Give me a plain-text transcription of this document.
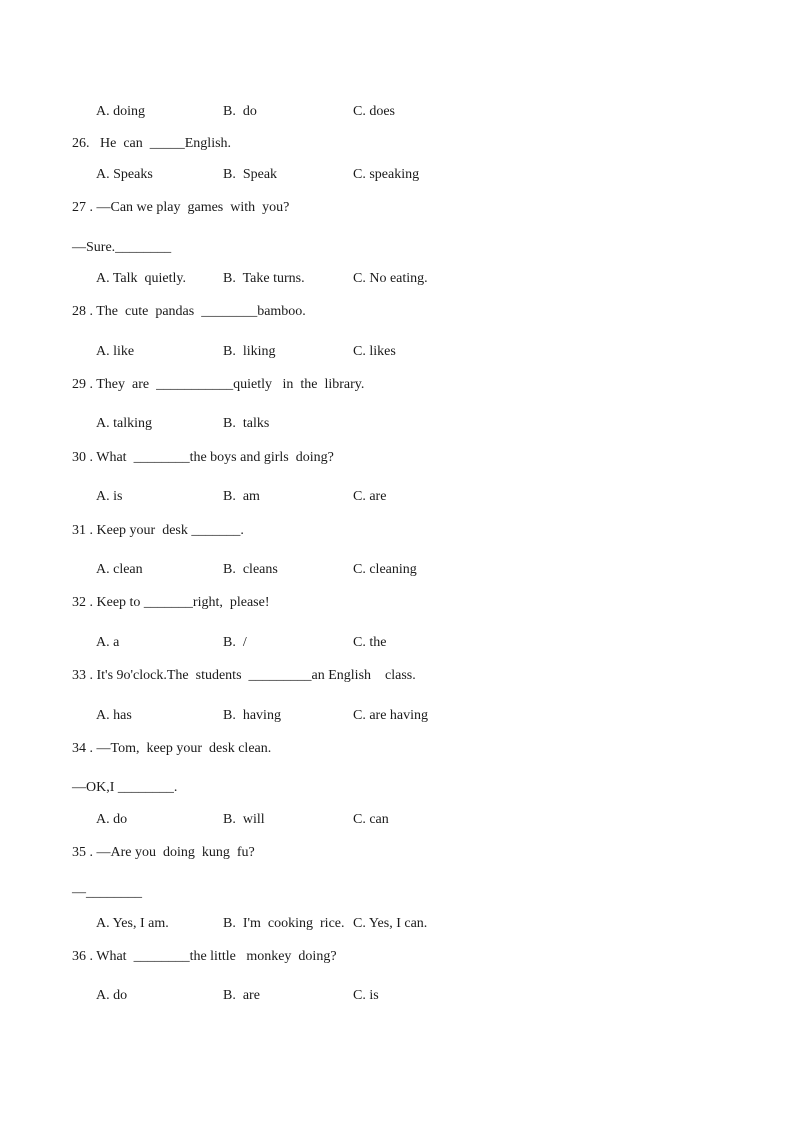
A. doing	B.  do	C. does
26.   He  can  _____English.
A. Speaks	B.  Speak	C. speaking
27 . —Can we play  games  with  you?
—Sure.________
A. Talk  quietly.	B.  Take turns.	C. No eating.
28 . The  cute  pandas  ________bamboo.
A. like	B.  liking	C. likes
29 . They  are  ___________quietly   in  the  library.
A. talking	B.  talks
30 . What  ________the boys and girls  doing?
A. is	B.  am	C. are
31 . Keep your  desk _______.
A. clean	B.  cleans	C. cleaning
32 . Keep to _______right,  please!
A. a	B.  /	C. the
33 . It's 9o'clock.The  students  _________an English    class.
A. has	B.  having	C. are having
34 . —Tom,  keep your  desk clean.
—OK,I ________.
A. do	B.  will	C. can
35 . —Are you  doing  kung  fu?
—________
A. Yes, I am.	B.  I'm  cooking  rice. C. Yes, I can.
36 . What  ________the little   monkey  doing?
A. do	B.  are	C. is
